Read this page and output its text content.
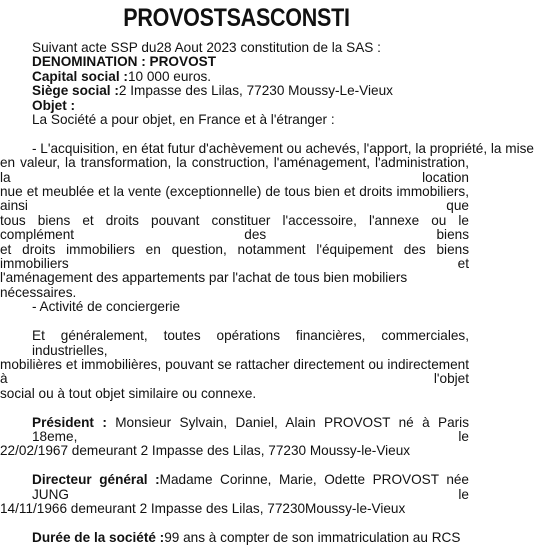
PROVOSTSASCONSTI
Suivant acte SSP du28 Aout 2023 constitution de la SAS :
DENOMINATION : PROVOST
Capital social :10 000 euros.
Siège social :2 Impasse des Lilas, 77230 Moussy-Le-Vieux
Objet :
La Société a pour objet, en France et à l'étranger :
- L'acquisition, en état futur d'achèvement ou achevés, l'apport, la propriété, la mise
en valeur, la transformation, la construction, l'aménagement, l'administration, la location
nue et meublée et la vente (exceptionnelle) de tous bien et droits immobiliers, ainsi que
tous biens et droits pouvant constituer l'accessoire, l'annexe ou le complément des biens
et droits immobiliers en question, notamment l'équipement des biens immobiliers et
l'aménagement des appartements par l'achat de tous bien mobiliers nécessaires.
- Activité de conciergerie
Et généralement, toutes opérations financières, commerciales, industrielles,
mobilières et immobilières, pouvant se rattacher directement ou indirectement à l'objet
social ou à tout objet similaire ou connexe.
Président : Monsieur Sylvain, Daniel, Alain PROVOST né à Paris 18eme, le
22/02/1967 demeurant 2 Impasse des Lilas, 77230 Moussy-le-Vieux
Directeur général :Madame Corinne, Marie, Odette PROVOST née JUNG le
14/11/1966 demeurant 2 Impasse des Lilas, 77230Moussy-le-Vieux
Durée de la société :99 ans à compter de son immatriculation au RCS
